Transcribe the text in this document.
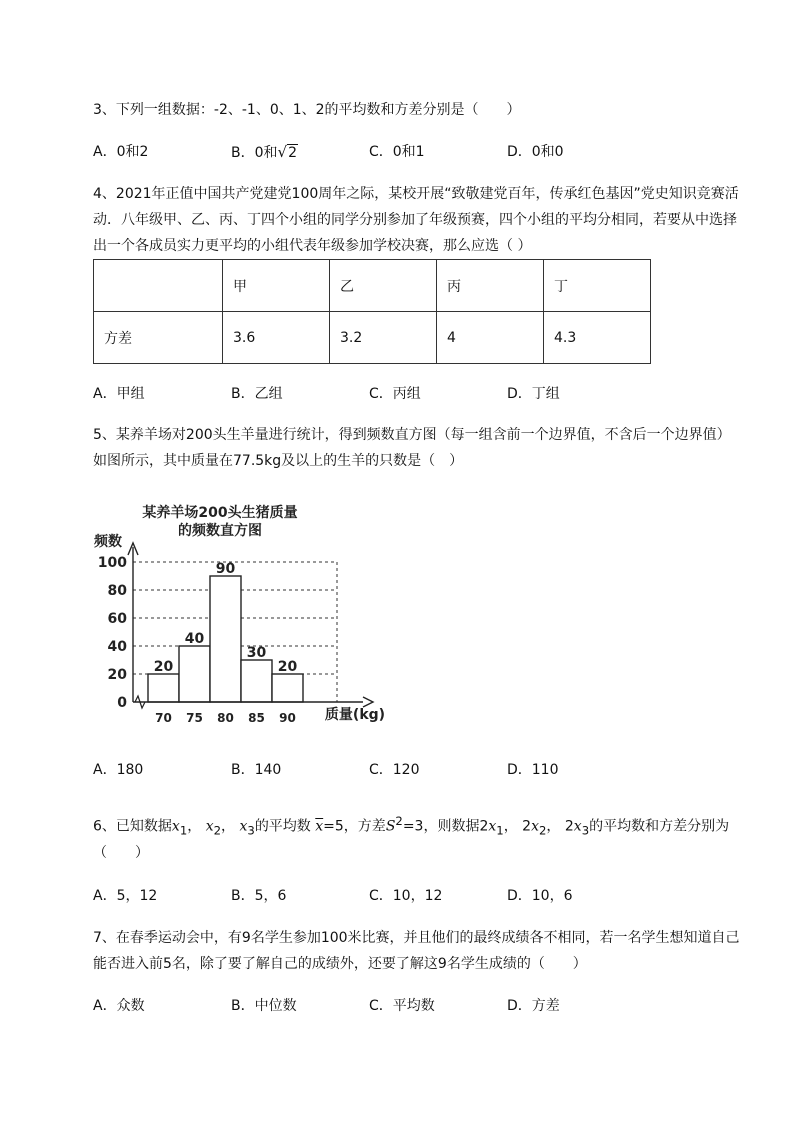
3、下列一组数据：-2、-1、0、1、2的平均数和方差分别是（　　）

A．0和2	B．0和√2	C．0和1	D．0和0

4、2021年正值中国共产党建党100周年之际，某校开展“致敬建党百年，传承红色基因”党史知识竞赛活动．八年级甲、乙、丙、丁四个小组的同学分别参加了年级预赛，四个小组的平均分相同，若要从中选择出一个各成员实力更平均的小组代表年级参加学校决赛，那么应选（ ）

	甲	乙	丙	丁
方差	3.6	3.2	4	4.3
A．甲组	B．乙组	C．丙组	D．丁组

5、某养羊场对200头生羊量进行统计，得到频数直方图（每一组含前一个边界值，不含后一个边界值）如图所示，其中质量在77.5kg及以上的生羊的只数是（　）

某养羊场200头生猪质量
的频数直方图
频数
质量(kg)
20
40
90
30
20
0
20
40
60
80
100
70 75 80 85 90
A．180	B．140	C．120	D．110

6、已知数据$x_1$， $x_2$， $x_3$的平均数 $\overline{x}=5$，方差$S^2=3$，则数据$2x_1$， $2x_2$， $2x_3$的平均数和方差分别为

（　　）

A．5，12	B．5，6	C．10，12	D．10，6

7、在春季运动会中，有9名学生参加100米比赛，并且他们的最终成绩各不相同，若一名学生想知道自己能否进入前5名，除了要了解自己的成绩外，还要了解这9名学生成绩的（　　）

A．众数	B．中位数	C．平均数	D．方差
